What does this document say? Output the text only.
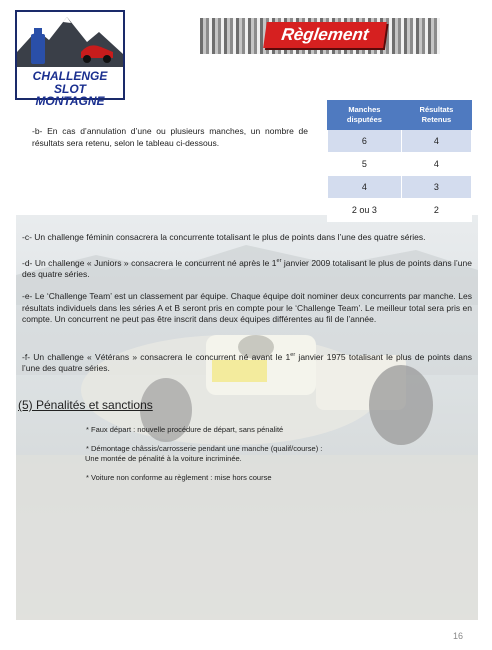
CHALLENGE
SLOT MONTAGNE
Règlement
-b- En cas d’annulation d’une ou plusieurs manches, un nombre de résultats sera retenu, selon le tableau ci-dessous.
Manches disputées	Résultats Retenus
6	4
5	4
4	3
2 ou 3	2
-c- Un challenge féminin consacrera la concurrente totalisant le plus de points dans l’une des quatre séries.
-d- Un challenge « Juniors » consacrera le concurrent né après le 1er janvier 2009 totalisant le plus de points dans l’une des quatre séries.
-e- Le ‘Challenge Team’ est un classement par équipe. Chaque équipe doit nominer deux concurrents par manche. Les résultats individuels dans les séries A et B seront pris en compte pour le ‘Challenge Team’. Le meilleur total sera pris en compte. Un concurrent ne peut pas être inscrit dans deux équipes différentes au fil de l’année.
-f- Un challenge « Vétérans » consacrera le concurrent né avant le 1er janvier 1975 totalisant le plus de points dans l’une des quatre séries.
(5) Pénalités et sanctions

* Faux départ : nouvelle procédure de départ, sans pénalité

* Démontage châssis/carrosserie pendant une manche (qualif/course) :
Une montée de pénalité à la voiture incriminée.

* Voiture non conforme au règlement : mise hors course

16
